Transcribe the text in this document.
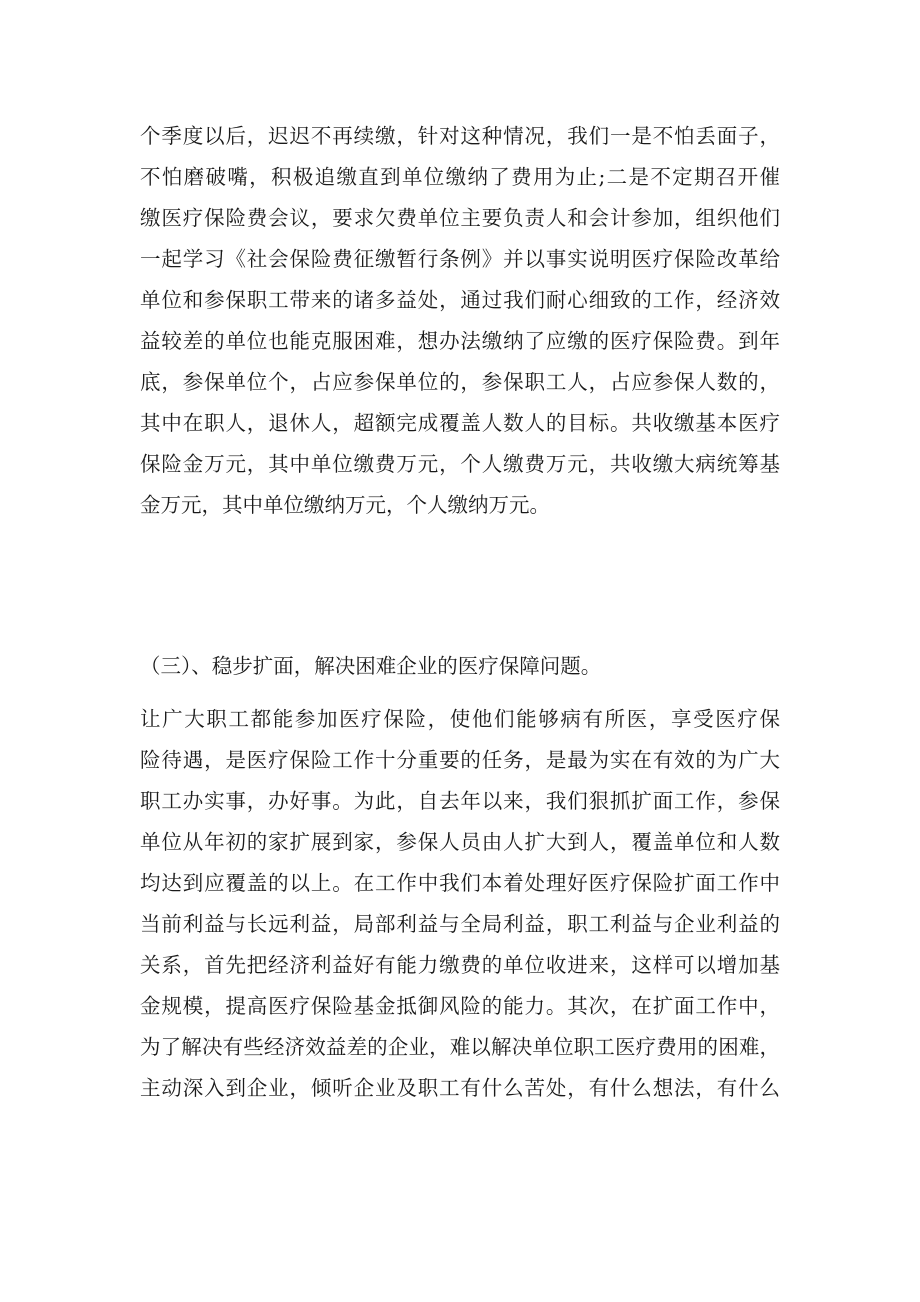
个季度以后，迟迟不再续缴，针对这种情况，我们一是不怕丢面子，
不怕磨破嘴，积极追缴直到单位缴纳了费用为止;二是不定期召开催
缴医疗保险费会议，要求欠费单位主要负责人和会计参加，组织他们
一起学习《社会保险费征缴暂行条例》并以事实说明医疗保险改革给
单位和参保职工带来的诸多益处，通过我们耐心细致的工作，经济效
益较差的单位也能克服困难，想办法缴纳了应缴的医疗保险费。到年
底，参保单位个，占应参保单位的，参保职工人，占应参保人数的，
其中在职人，退休人，超额完成覆盖人数人的目标。共收缴基本医疗
保险金万元，其中单位缴费万元，个人缴费万元，共收缴大病统筹基
金万元，其中单位缴纳万元，个人缴纳万元。
（三）、稳步扩面，解决困难企业的医疗保障问题。
让广大职工都能参加医疗保险，使他们能够病有所医，享受医疗保
险待遇，是医疗保险工作十分重要的任务，是最为实在有效的为广大
职工办实事，办好事。为此，自去年以来，我们狠抓扩面工作，参保
单位从年初的家扩展到家，参保人员由人扩大到人，覆盖单位和人数
均达到应覆盖的以上。在工作中我们本着处理好医疗保险扩面工作中
当前利益与长远利益，局部利益与全局利益，职工利益与企业利益的
关系，首先把经济利益好有能力缴费的单位收进来，这样可以增加基
金规模，提高医疗保险基金抵御风险的能力。其次，在扩面工作中，
为了解决有些经济效益差的企业，难以解决单位职工医疗费用的困难，
主动深入到企业，倾听企业及职工有什么苦处，有什么想法，有什么
